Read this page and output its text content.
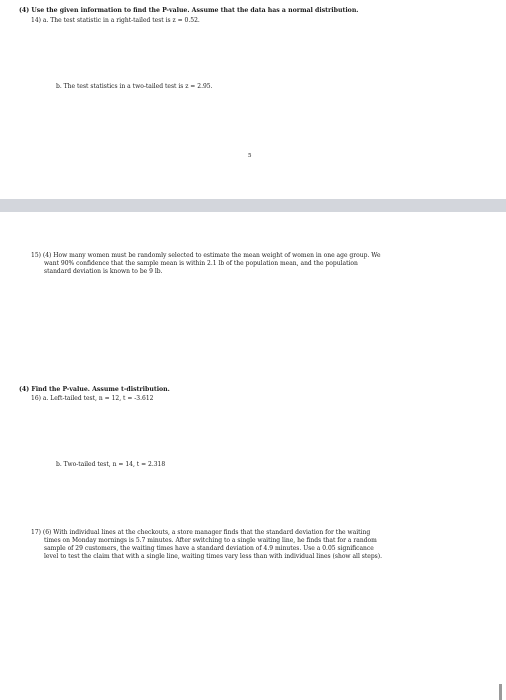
(4) Use the given information to find the P-value. Assume that the data has a normal distribution.
14) a. The test statistic in a right-tailed test is z = 0.52.
b. The test statistics in a two-tailed test is z = 2.95.
5
15) (4) How many women must be randomly selected to estimate the mean weight of women in one age group. We
want 90% confidence that the sample mean is within 2.1 lb of the population mean, and the population
standard deviation is known to be 9 lb.
(4) Find the P-value. Assume t-distribution.
16) a. Left-tailed test, n = 12, t = -3.612
b. Two-tailed test, n = 14, t = 2.318
17) (6) With individual lines at the checkouts, a store manager finds that the standard deviation for the waiting
times on Monday mornings is 5.7 minutes. After switching to a single waiting line, he finds that for a random
sample of 29 customers, the waiting times have a standard deviation of 4.9 minutes. Use a 0.05 significance
level to test the claim that with a single line, waiting times vary less than with individual lines (show all steps).
